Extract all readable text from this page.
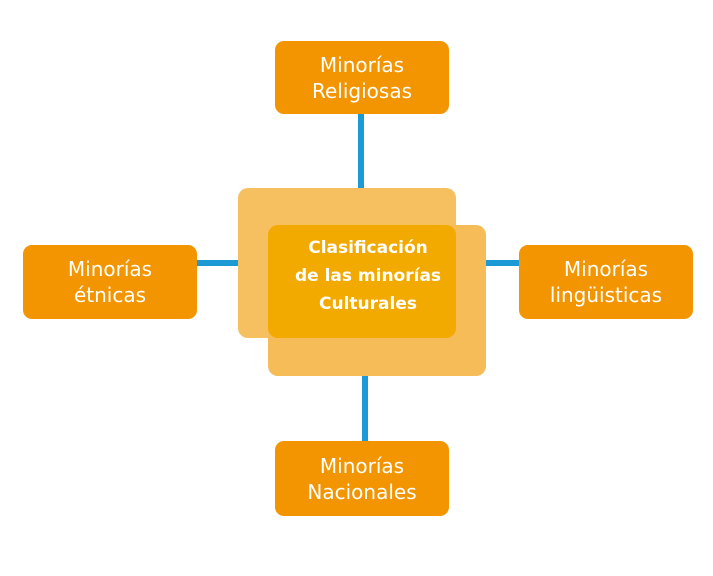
Clasificación
de las minorías
Culturales
Minorías
Religiosas
Minorías
étnicas
Minorías
lingüisticas
Minorías
Nacionales
